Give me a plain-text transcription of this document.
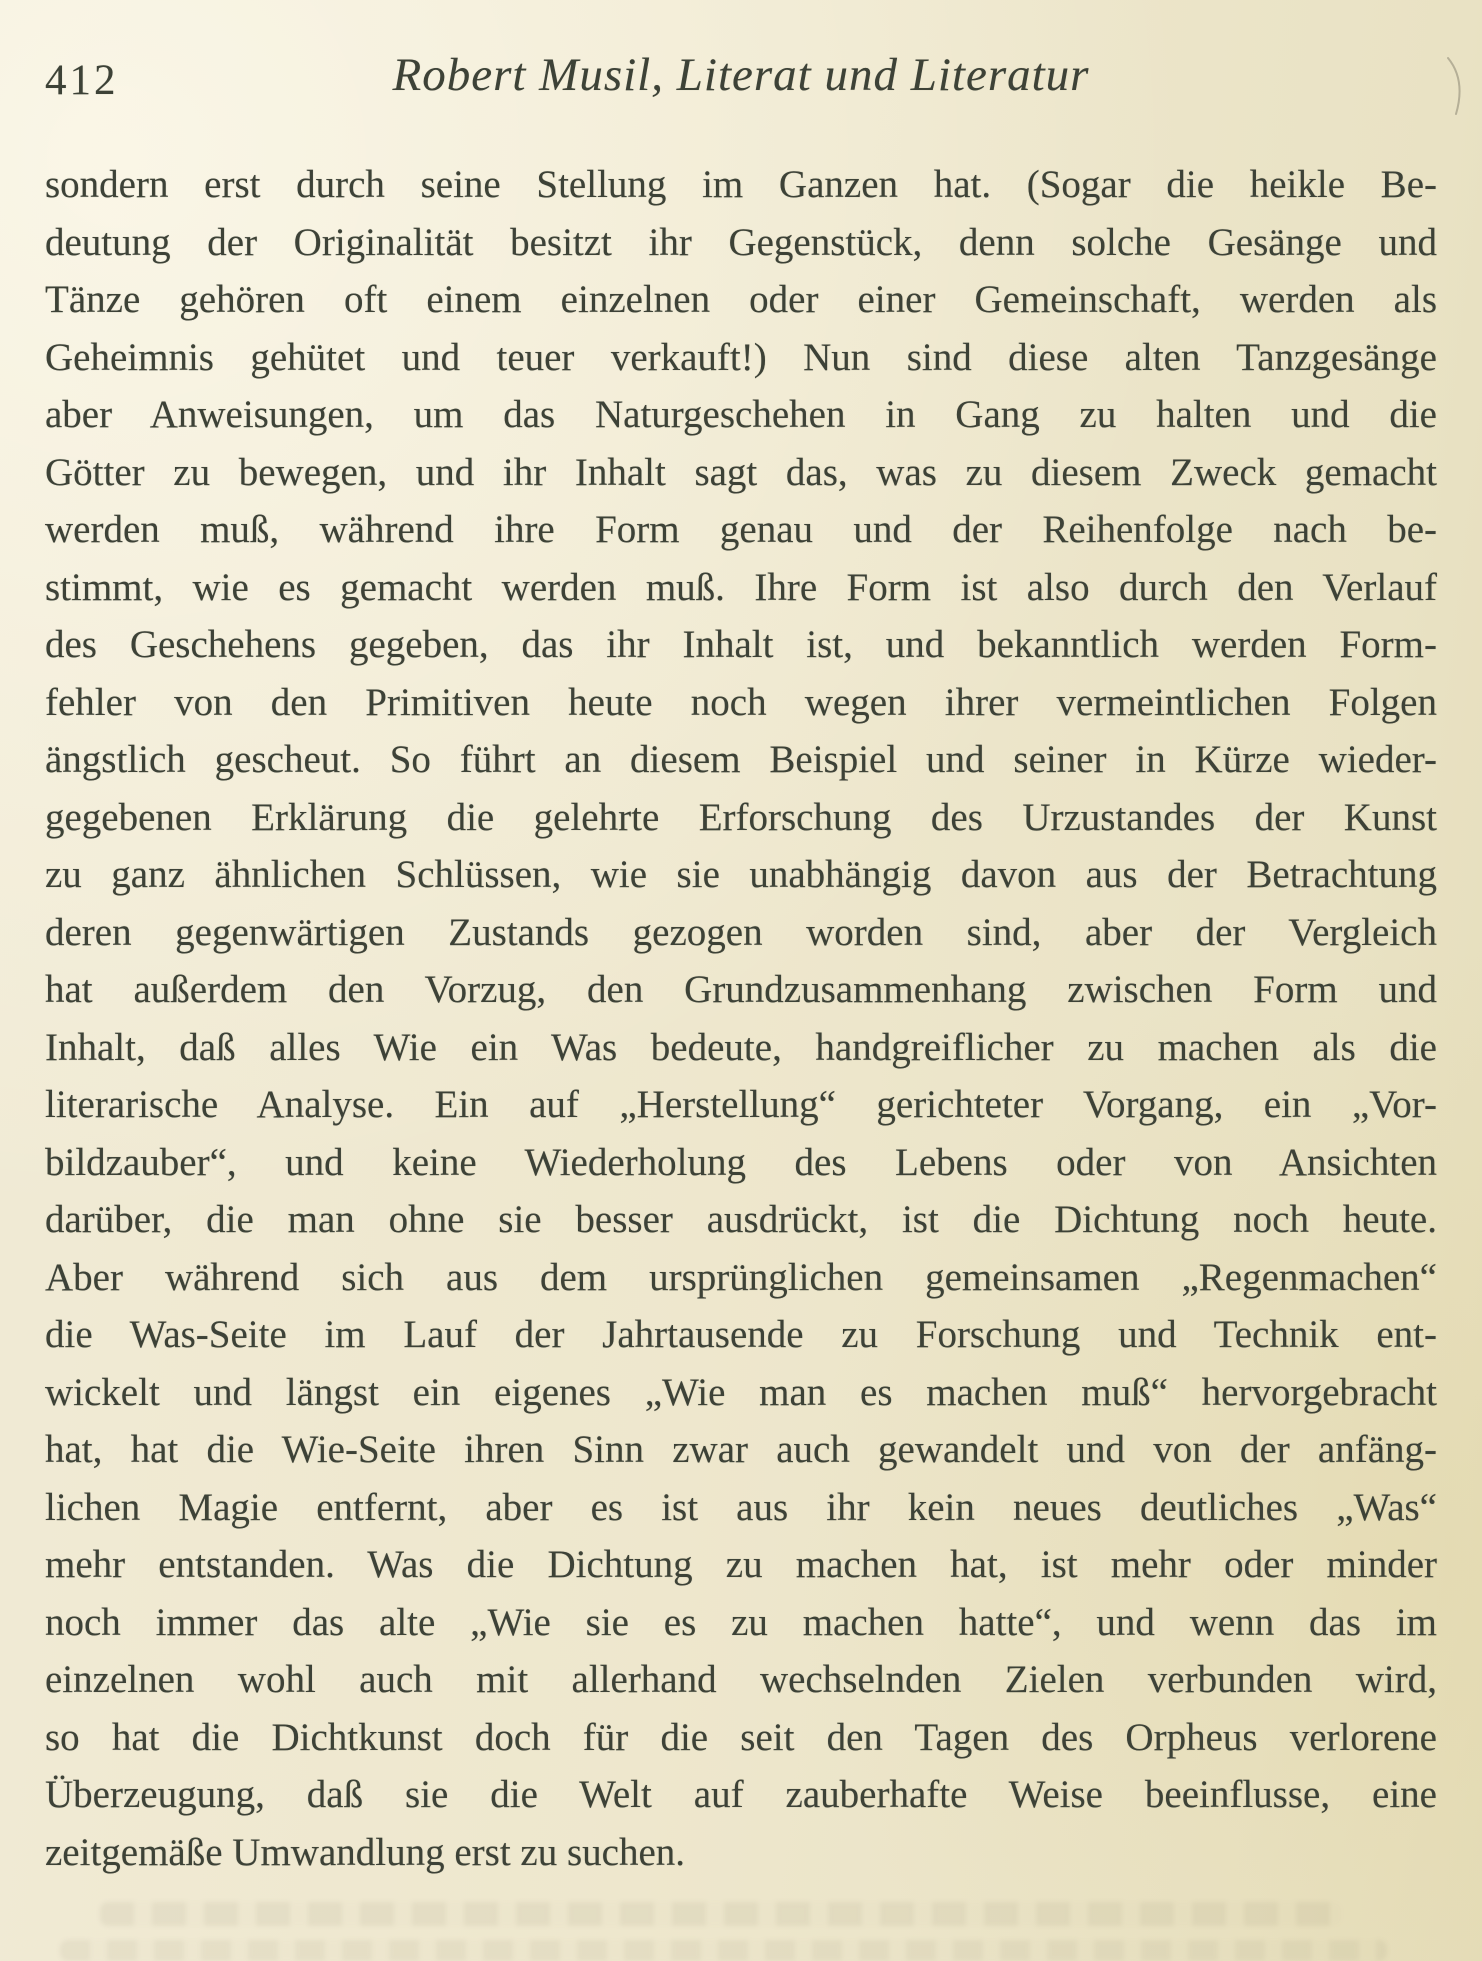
412	Robert Musil, Literat und Literatur
sondern erst durch seine Stellung im Ganzen hat. (Sogar die heikle Be-
deutung der Originalität besitzt ihr Gegenstück, denn solche Gesänge und
Tänze gehören oft einem einzelnen oder einer Gemeinschaft, werden als
Geheimnis gehütet und teuer verkauft!) Nun sind diese alten Tanzgesänge
aber Anweisungen, um das Naturgeschehen in Gang zu halten und die
Götter zu bewegen, und ihr Inhalt sagt das, was zu diesem Zweck gemacht
werden muß, während ihre Form genau und der Reihenfolge nach be-
stimmt, wie es gemacht werden muß. Ihre Form ist also durch den Verlauf
des Geschehens gegeben, das ihr Inhalt ist, und bekanntlich werden Form-
fehler von den Primitiven heute noch wegen ihrer vermeintlichen Folgen
ängstlich gescheut. So führt an diesem Beispiel und seiner in Kürze wieder-
gegebenen Erklärung die gelehrte Erforschung des Urzustandes der Kunst
zu ganz ähnlichen Schlüssen, wie sie unabhängig davon aus der Betrachtung
deren gegenwärtigen Zustands gezogen worden sind, aber der Vergleich
hat außerdem den Vorzug, den Grundzusammenhang zwischen Form und
Inhalt, daß alles Wie ein Was bedeute, handgreiflicher zu machen als die
literarische Analyse. Ein auf „Herstellung“ gerichteter Vorgang, ein „Vor-
bildzauber“, und keine Wiederholung des Lebens oder von Ansichten
darüber, die man ohne sie besser ausdrückt, ist die Dichtung noch heute.
Aber während sich aus dem ursprünglichen gemeinsamen „Regenmachen“
die Was-Seite im Lauf der Jahrtausende zu Forschung und Technik ent-
wickelt und längst ein eigenes „Wie man es machen muß“ hervorgebracht
hat, hat die Wie-Seite ihren Sinn zwar auch gewandelt und von der anfäng-
lichen Magie entfernt, aber es ist aus ihr kein neues deutliches „Was“
mehr entstanden. Was die Dichtung zu machen hat, ist mehr oder minder
noch immer das alte „Wie sie es zu machen hatte“, und wenn das im
einzelnen wohl auch mit allerhand wechselnden Zielen verbunden wird,
so hat die Dichtkunst doch für die seit den Tagen des Orpheus verlorene
Überzeugung, daß sie die Welt auf zauberhafte Weise beeinflusse, eine
zeitgemäße Umwandlung erst zu suchen.
